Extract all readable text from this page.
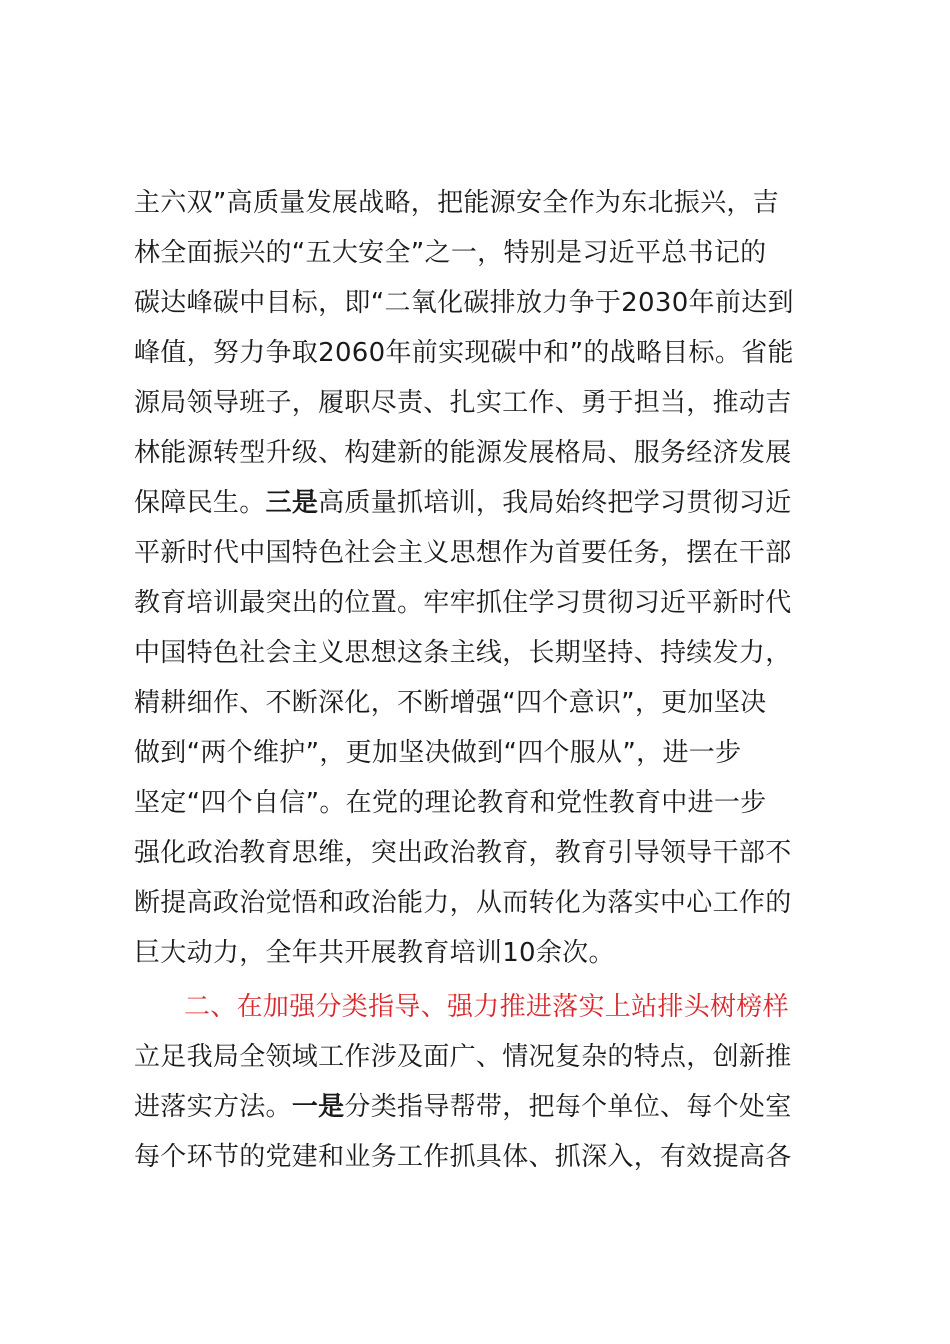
主六双”高质量发展战略，把能源安全作为东北振兴，吉
林全面振兴的“五大安全”之一，特别是习近平总书记的
碳达峰碳中目标，即“二氧化碳排放力争于2030年前达到
峰值，努力争取2060年前实现碳中和”的战略目标。省能
源局领导班子，履职尽责、扎实工作、勇于担当，推动吉
林能源转型升级、构建新的能源发展格局、服务经济发展
保障民生。三是高质量抓培训，我局始终把学习贯彻习近
平新时代中国特色社会主义思想作为首要任务，摆在干部
教育培训最突出的位置。牢牢抓住学习贯彻习近平新时代
中国特色社会主义思想这条主线，长期坚持、持续发力，
精耕细作、不断深化，不断增强“四个意识”，更加坚决
做到“两个维护”，更加坚决做到“四个服从”，进一步
坚定“四个自信”。在党的理论教育和党性教育中进一步
强化政治教育思维，突出政治教育，教育引导领导干部不
断提高政治觉悟和政治能力，从而转化为落实中心工作的
巨大动力，全年共开展教育培训10余次。
二、在加强分类指导、强力推进落实上站排头树榜样
立足我局全领域工作涉及面广、情况复杂的特点，创新推
进落实方法。一是分类指导帮带，把每个单位、每个处室
每个环节的党建和业务工作抓具体、抓深入，有效提高各
